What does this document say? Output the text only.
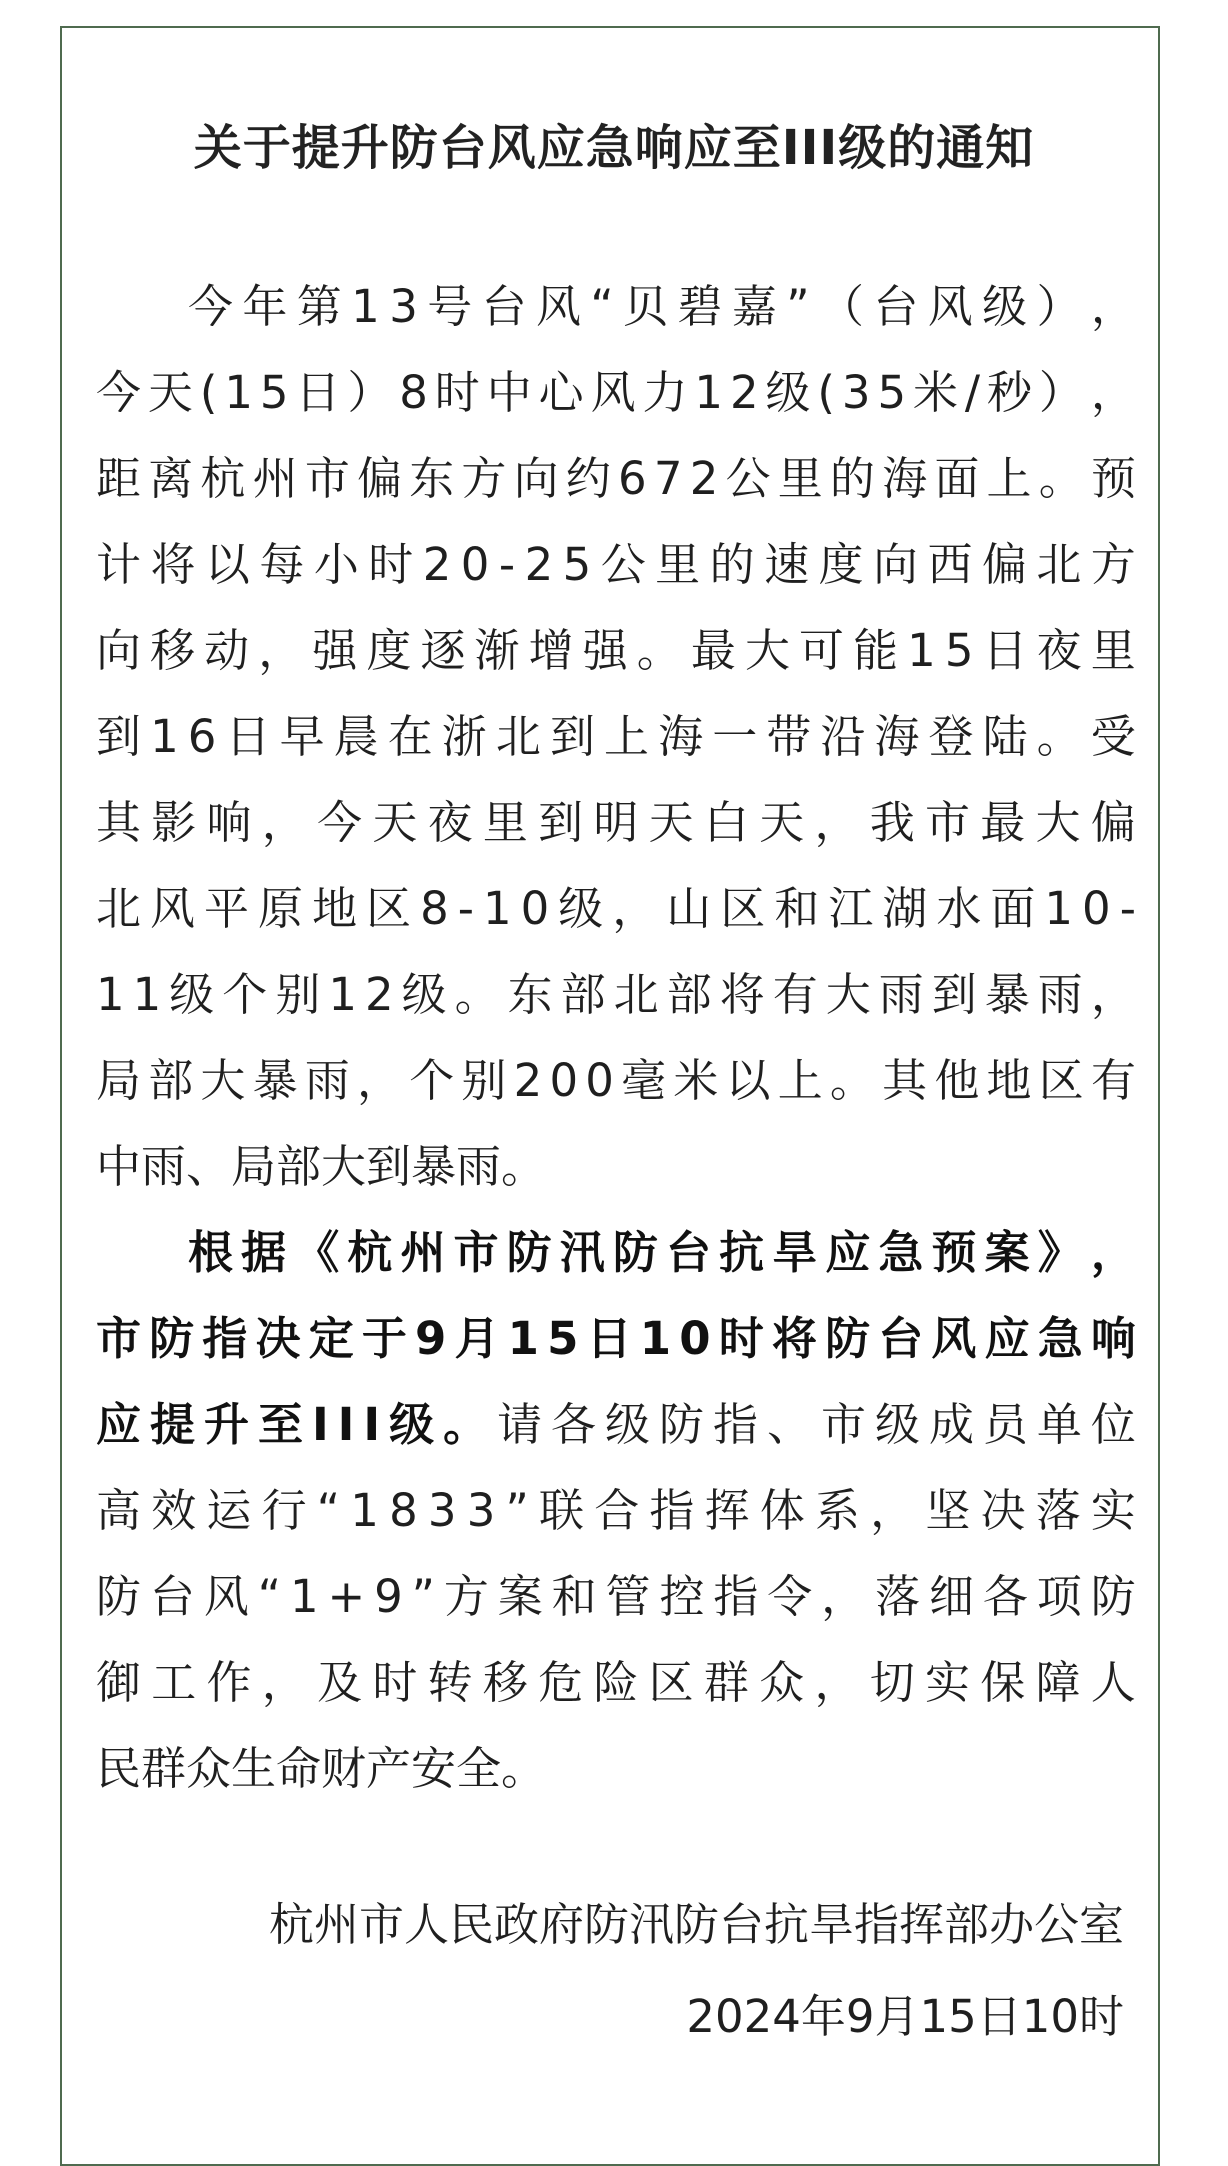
关于提升防台风应急响应至III级的通知
今 年 第 1 3 号 台 风 “ 贝 碧 嘉 ” （ 台 风 级 ） ，
今 天 ( 1 5 日 ） 8 时 中 心 风 力 1 2 级 ( 3 5 米 / 秒 ） ，
距 离 杭 州 市 偏 东 方 向 约 6 7 2 公 里 的 海 面 上 。 预
计 将 以 每 小 时 2 0 - 2 5 公 里 的 速 度 向 西 偏 北 方
向 移 动 ， 强 度 逐 渐 增 强 。 最 大 可 能 1 5 日 夜 里
到 1 6 日 早 晨 在 浙 北 到 上 海 一 带 沿 海 登 陆 。 受
其 影 响 ， 今 天 夜 里 到 明 天 白 天 ， 我 市 最 大 偏
北 风 平 原 地 区 8 - 1 0 级 ， 山 区 和 江 湖 水 面 1 0 -
1 1 级 个 别 1 2 级 。 东 部 北 部 将 有 大 雨 到 暴 雨 ，
局 部 大 暴 雨 ， 个 别 2 0 0 毫 米 以 上 。 其 他 地 区 有
中雨、局部大到暴雨。
根 据 《 杭 州 市 防 汛 防 台 抗 旱 应 急 预 案 》 ，
市 防 指 决 定 于 9 月 1 5 日 1 0 时 将 防 台 风 应 急 响
应 提 升 至 I I I 级 。 请 各 级 防 指 、 市 级 成 员 单 位
高 效 运 行 “ 1 8 3 3 ” 联 合 指 挥 体 系 ， 坚 决 落 实
防 台 风 “ 1 + 9 ” 方 案 和 管 控 指 令 ， 落 细 各 项 防
御 工 作 ， 及 时 转 移 危 险 区 群 众 ， 切 实 保 障 人
民群众生命财产安全。
杭州市人民政府防汛防台抗旱指挥部办公室
2024年9月15日10时
